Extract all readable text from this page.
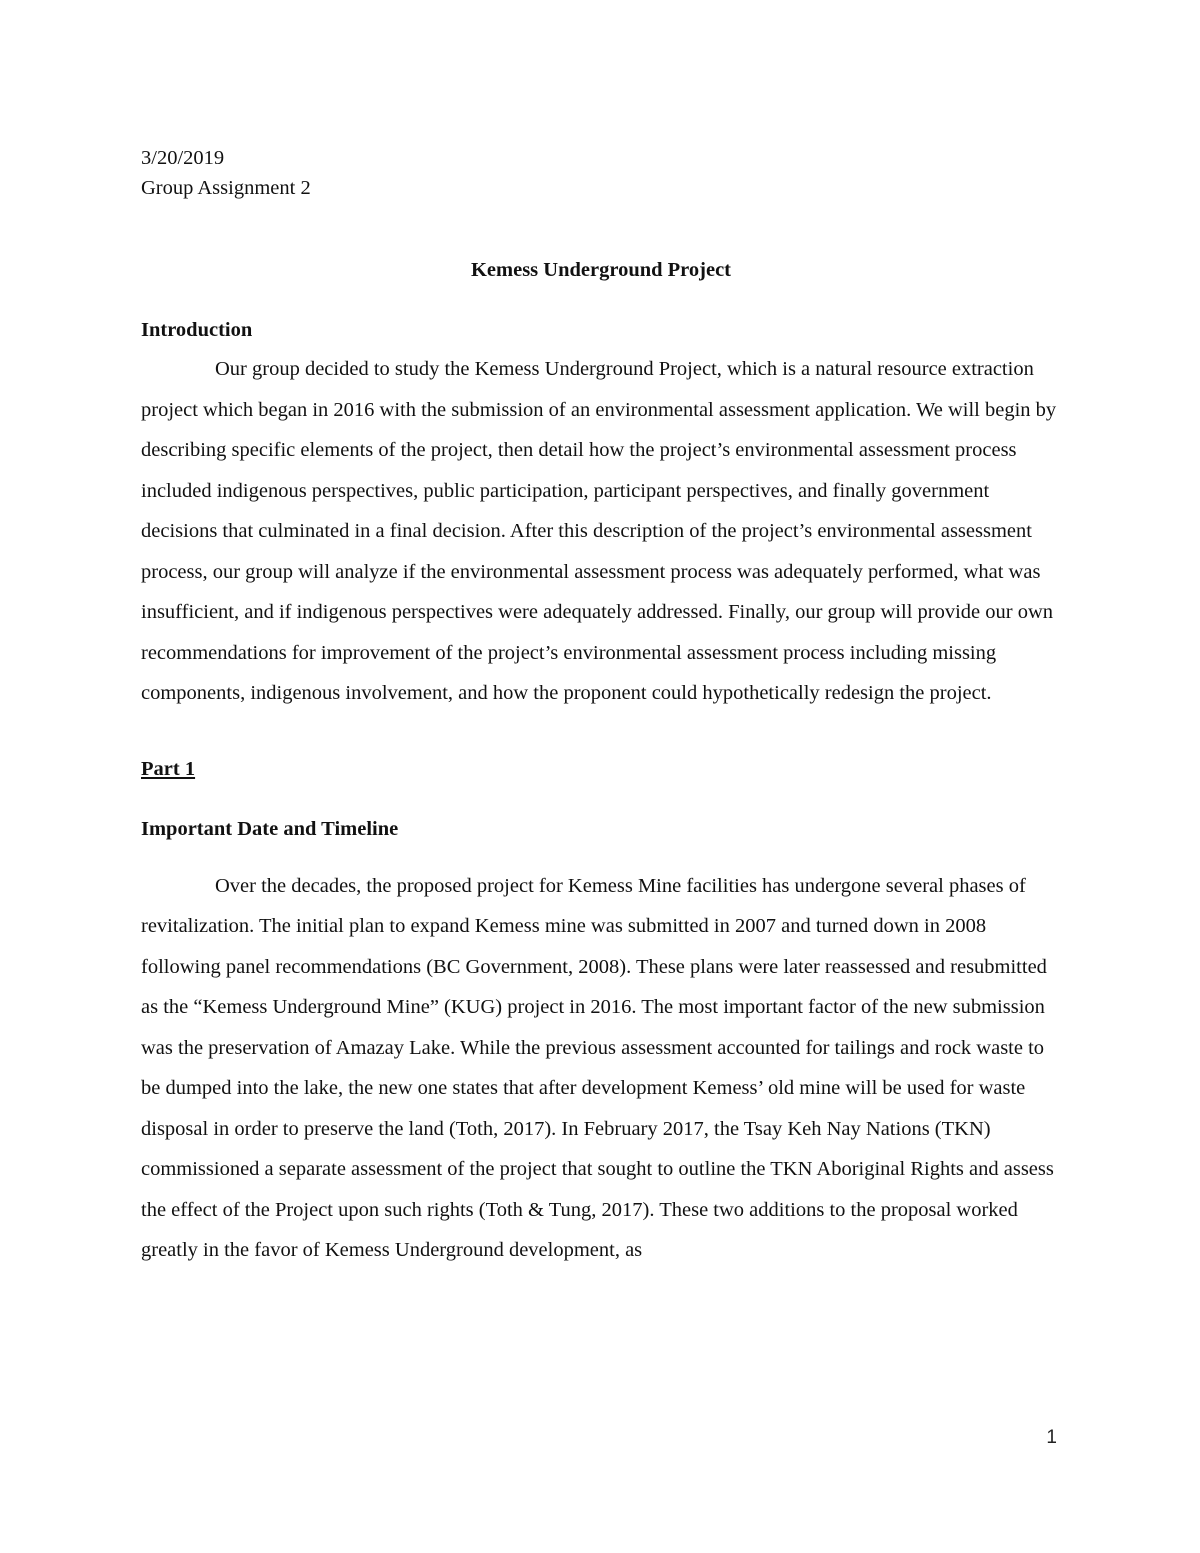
3/20/2019

Group Assignment 2

Kemess Underground Project
Introduction

Our group decided to study the Kemess Underground Project, which is a natural resource extraction project which began in 2016 with the submission of an environmental assessment application. We will begin by describing specific elements of the project, then detail how the project’s environmental assessment process included indigenous perspectives, public participation, participant perspectives, and finally government decisions that culminated in a final decision. After this description of the project’s environmental assessment process, our group will analyze if the environmental assessment process was adequately performed, what was insufficient, and if indigenous perspectives were adequately addressed. Finally, our group will provide our own recommendations for improvement of the project’s environmental assessment process including missing components, indigenous involvement, and how the proponent could hypothetically redesign the project.

Part 1
Important Date and Timeline

Over the decades, the proposed project for Kemess Mine facilities has undergone several phases of revitalization. The initial plan to expand Kemess mine was submitted in 2007 and turned down in 2008 following panel recommendations (BC Government, 2008). These plans were later reassessed and resubmitted as the “Kemess Underground Mine” (KUG) project in 2016. The most important factor of the new submission was the preservation of Amazay Lake. While the previous assessment accounted for tailings and rock waste to be dumped into the lake, the new one states that after development Kemess’ old mine will be used for waste disposal in order to preserve the land (Toth, 2017). In February 2017, the Tsay Keh Nay Nations (TKN) commissioned a separate assessment of the project that sought to outline the TKN Aboriginal Rights and assess the effect of the Project upon such rights (Toth & Tung, 2017). These two additions to the proposal worked greatly in the favor of Kemess Underground development, as

1
